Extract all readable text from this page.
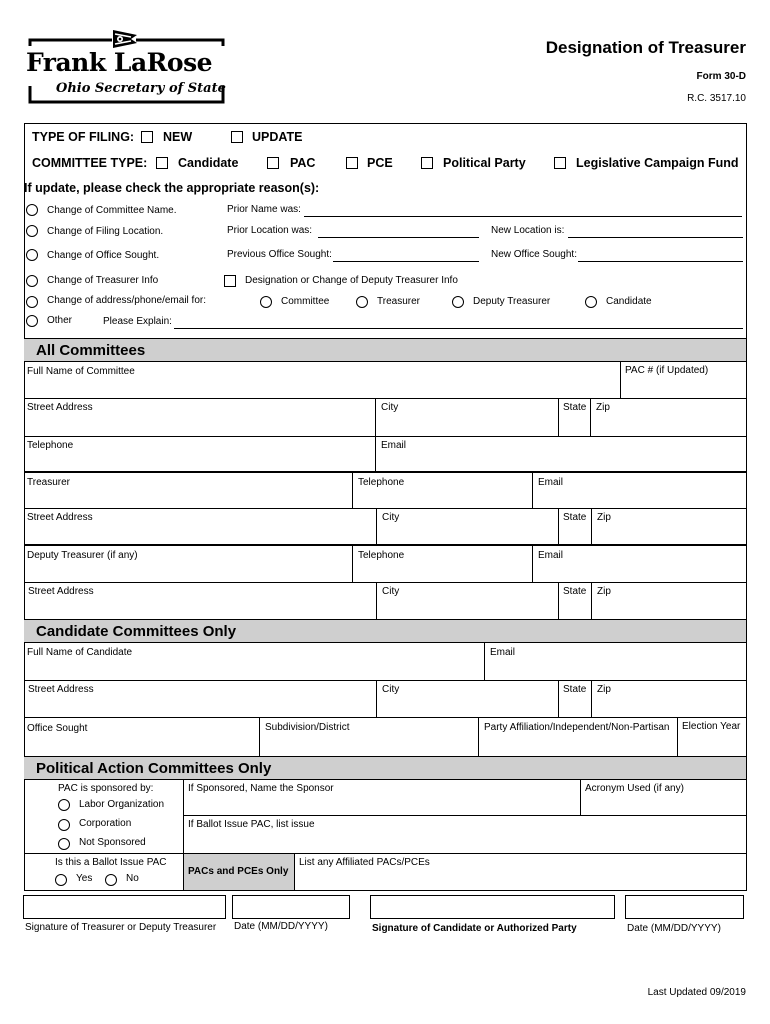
Frank LaRose
Ohio Secretary of State
Designation of Treasurer
Form 30-D
R.C. 3517.10
TYPE OF FILING: NEW	UPDATE
COMMITTEE TYPE: Candidate	PAC	PCE	Political Party	Legislative Campaign Fund
If update, please check the appropriate reason(s):
Change of Committee Name.	Prior Name was:
Change of Filing Location.	Prior Location was:	New Location is:
Change of Office Sought.	Previous Office Sought:	New Office Sought:
Change of Treasurer Info	Designation or Change of Deputy Treasurer Info
Change of address/phone/email for:	Committee	Treasurer	Deputy Treasurer	Candidate
Other	Please Explain:
All Committees
Full Name of Committee	PAC # (if Updated)
Street Address	City	State Zip
Telephone	Email
Treasurer	Telephone	Email
Street Address	City	State Zip
Deputy Treasurer (if any)	Telephone	Email
Street Address	City	State Zip
Candidate Committees Only
Full Name of Candidate	Email
Street Address	City	State Zip
Office Sought	Subdivision/District	Party Affiliation/Independent/Non-Partisan Election Year
Political Action Committees Only
PAC is sponsored by:
Labor Organization
Corporation
Not Sponsored
If Sponsored, Name the Sponsor	Acronym Used (if any)
If Ballot Issue PAC, list issue
Is this a Ballot Issue PAC
Yes	No
PACs and PCEs Only
List any Affiliated PACs/PCEs
Signature of Treasurer or Deputy Treasurer Date (MM/DD/YYYY)	Signature of Candidate or Authorized Party	Date (MM/DD/YYYY)
Last Updated 09/2019
